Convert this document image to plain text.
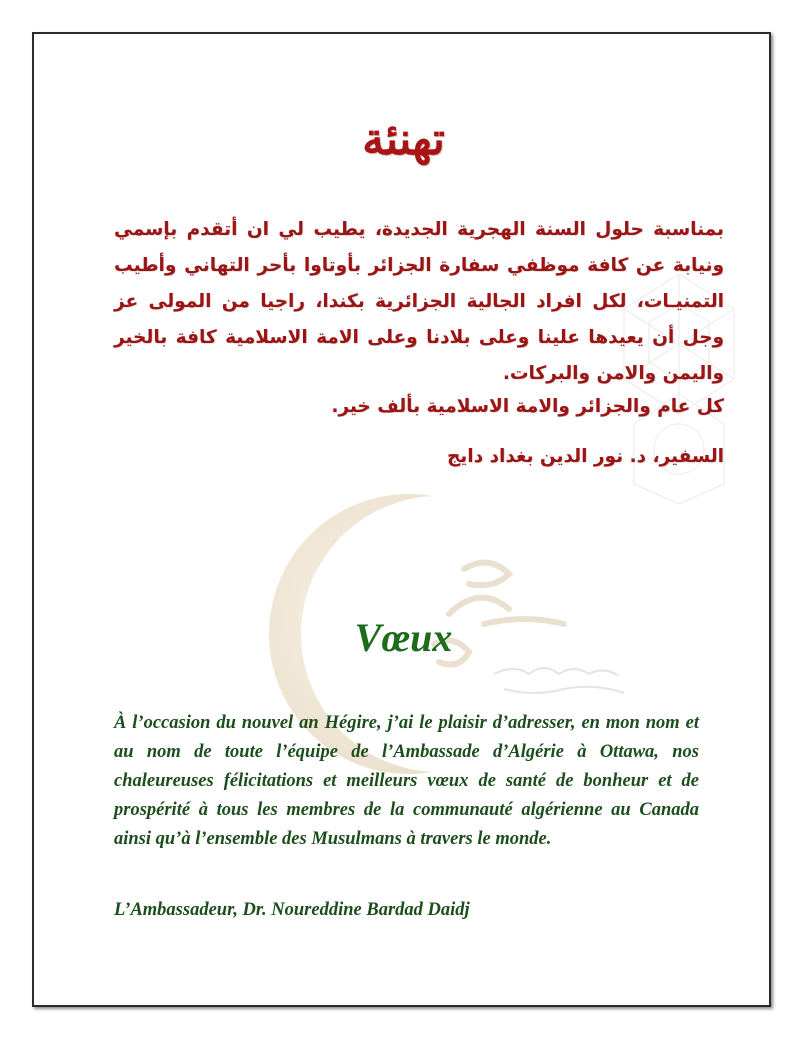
تهنئة
بمناسبة حلول السنة الهجرية الجديدة، يطيب لي ان أتقدم بإسمي ونيابة عن كافة موظفي سفارة الجزائر بأوتاوا بأحر التهاني وأطيب التمنيـات، لكل افراد الجالية الجزائرية بكندا، راجيا من المولى عز وجل أن يعيدها علينا وعلى بلادنا وعلى الامة الاسلامية كافة بالخير واليمن والامن والبركات.
كل عام والجزائر والامة الاسلامية بألف خير.
السفير، د. نور الدين بغداد دايج
Vœux
À l’occasion du nouvel an Hégire, j’ai le plaisir d’adresser, en mon nom et au nom de toute l’équipe de l’Ambassade d’Algérie à Ottawa, nos chaleureuses félicitations et meilleurs vœux de santé de bonheur et de prospérité à tous les membres de la communauté algérienne au Canada ainsi qu’à l’ensemble des Musulmans à travers le monde.
L’Ambassadeur, Dr. Noureddine Bardad Daidj
